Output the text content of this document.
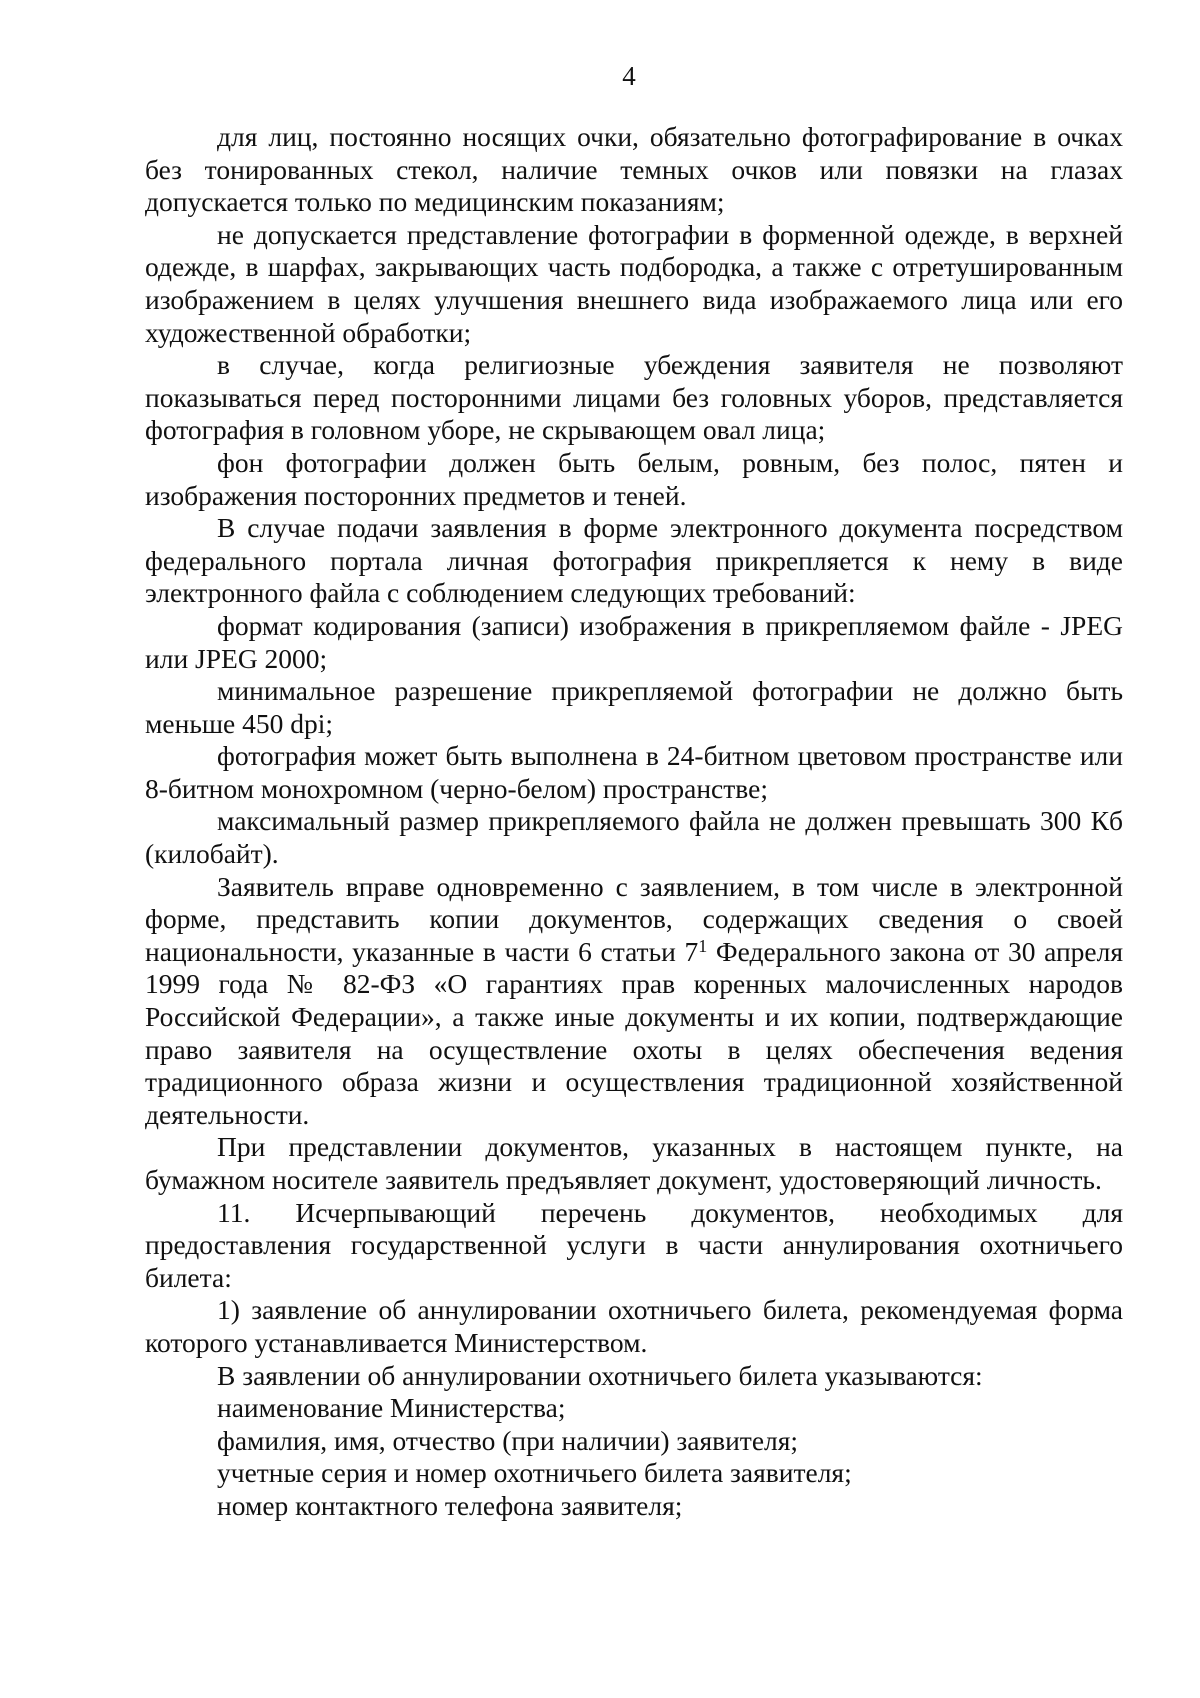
4

для лиц, постоянно носящих очки, обязательно фотографирование в очках без тонированных стекол, наличие темных очков или повязки на глазах допускается только по медицинским показаниям;

не допускается представление фотографии в форменной одежде, в верхней одежде, в шарфах, закрывающих часть подбородка, а также с отретушированным изображением в целях улучшения внешнего вида изображаемого лица или его художественной обработки;

в случае, когда религиозные убеждения заявителя не позволяют показываться перед посторонними лицами без головных уборов, представляется фотография в головном уборе, не скрывающем овал лица;

фон фотографии должен быть белым, ровным, без полос, пятен и изображения посторонних предметов и теней.

В случае подачи заявления в форме электронного документа посредством федерального портала личная фотография прикрепляется к нему в виде электронного файла с соблюдением следующих требований:

формат кодирования (записи) изображения в прикрепляемом файле - JPEG или JPEG 2000;

минимальное разрешение прикрепляемой фотографии не должно быть меньше 450 dpi;

фотография может быть выполнена в 24-битном цветовом пространстве или 8-битном монохромном (черно-белом) пространстве;

максимальный размер прикрепляемого файла не должен превышать 300 Кб (килобайт).

Заявитель вправе одновременно с заявлением, в том числе в электронной форме, представить копии документов, содержащих сведения о своей национальности, указанные в части 6 статьи $7^1$ Федерального закона от 30 апреля 1999 года № 82-ФЗ «О гарантиях прав коренных малочисленных народов Российской Федерации», а также иные документы и их копии, подтверждающие право заявителя на осуществление охоты в целях обеспечения ведения традиционного образа жизни и осуществления традиционной хозяйственной деятельности.

При представлении документов, указанных в настоящем пункте, на бумажном носителе заявитель предъявляет документ, удостоверяющий личность.

11. Исчерпывающий перечень документов, необходимых для предоставления государственной услуги в части аннулирования охотничьего билета:

1) заявление об аннулировании охотничьего билета, рекомендуемая форма которого устанавливается Министерством.

В заявлении об аннулировании охотничьего билета указываются:

наименование Министерства;

фамилия, имя, отчество (при наличии) заявителя;

учетные серия и номер охотничьего билета заявителя;

номер контактного телефона заявителя;
